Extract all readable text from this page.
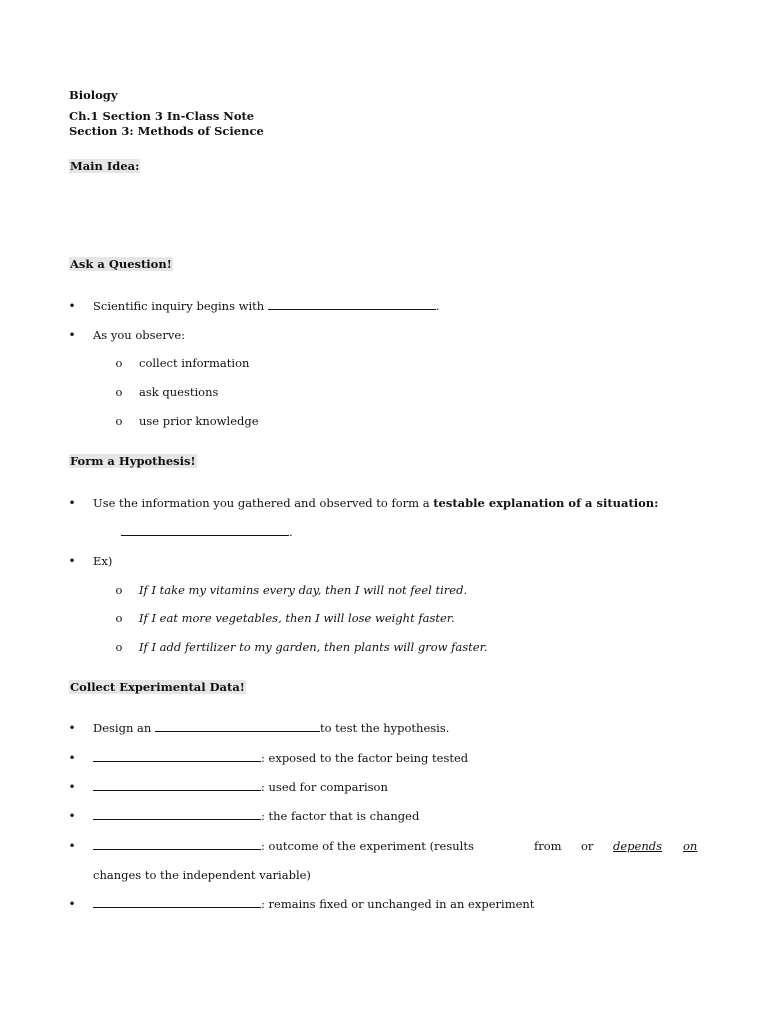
Biology
Ch.1 Section 3 In-Class Note
Section 3: Methods of Science
Main Idea:
Ask a Question!
• Scientific inquiry begins with	.
• As you observe:
o collect information
o ask questions
o use prior knowledge
Form a Hypothesis!
• Use the information you gathered and observed to form a testable explanation of a situation:
.
• Ex)
o If I take my vitamins every day, then I will not feel tired.
o If I eat more vegetables, then I will lose weight faster.
o If I add fertilizer to my garden, then plants will grow faster.
Collect Experimental Data!
• Design an	to test the hypothesis.
•	: exposed to the factor being tested
•	: used for comparison
•	: the factor that is changed
•	: outcome of the experiment (results	from or depends on
changes to the independent variable)
•	: remains fixed or unchanged in an experiment
